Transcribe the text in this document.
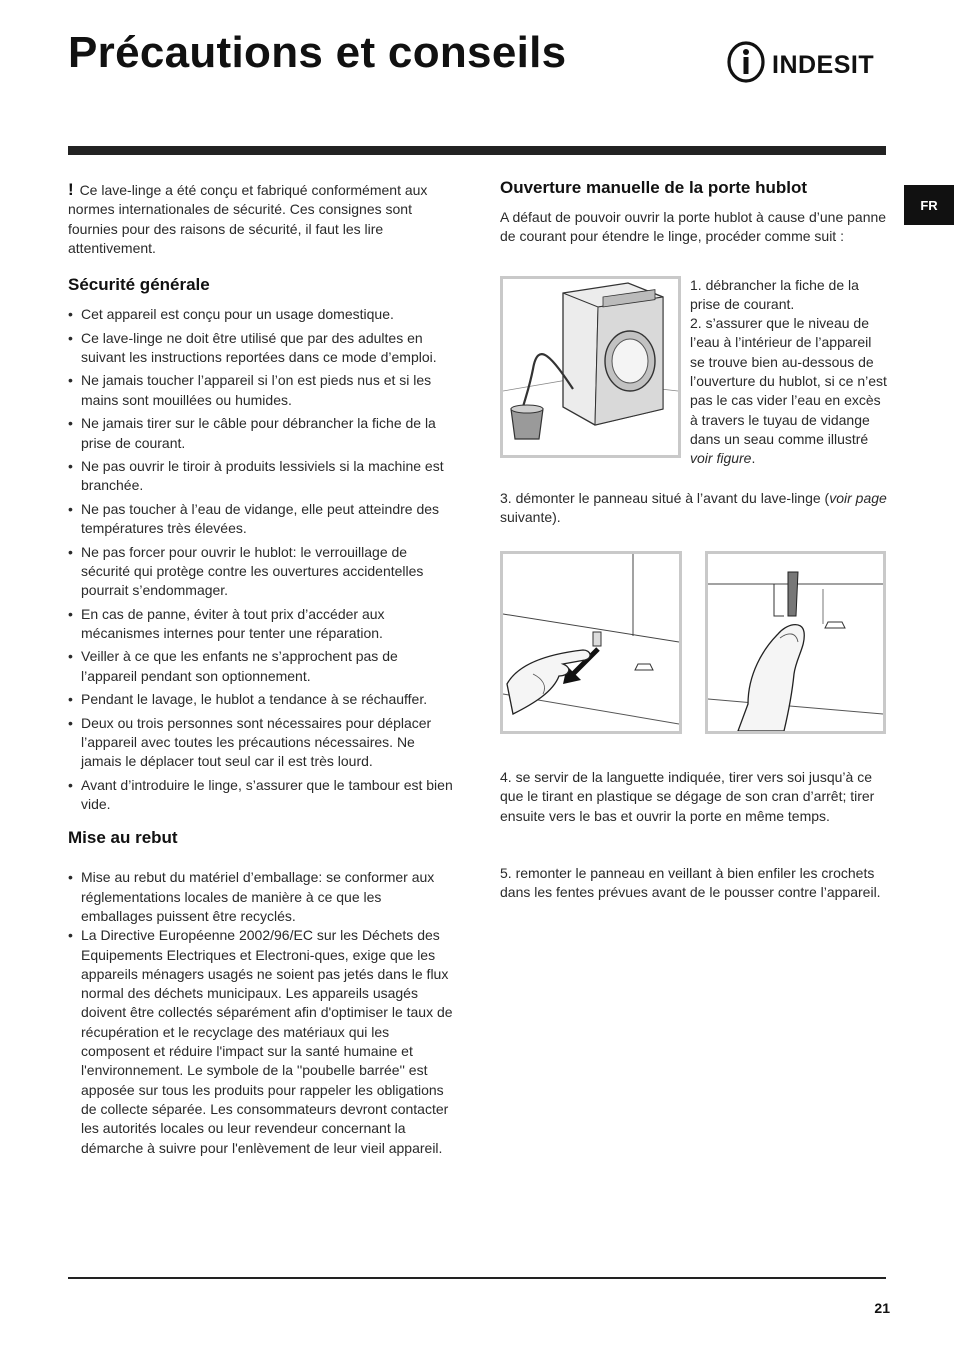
Précautions et conseils	INDESIT
FR

! Ce lave-linge a été conçu et fabriqué conformément aux normes internationales de sécurité. Ces consignes sont fournies pour des raisons de sécurité, il faut les lire attentivement.

Sécurité générale
• Cet appareil est conçu pour un usage domestique.
• Ce lave-linge ne doit être utilisé que par des adultes en suivant les instructions reportées dans ce mode d’emploi.
• Ne jamais toucher l’appareil si l’on est pieds nus et si les mains sont mouillées ou humides.
• Ne jamais tirer sur le câble pour débrancher la fiche de la prise de courant.
• Ne pas ouvrir le tiroir à produits lessiviels si la machine est branchée.
• Ne pas toucher à l’eau de vidange, elle peut atteindre des températures très élevées.
• Ne pas forcer pour ouvrir le hublot: le verrouillage de sécurité qui protège contre les ouvertures accidentelles pourrait s’endommager.
• En cas de panne, éviter à tout prix d’accéder aux mécanismes internes pour tenter une réparation.
• Veiller à ce que les enfants ne s’approchent pas de l’appareil pendant son optionnement.
• Pendant le lavage, le hublot a tendance à se réchauffer.
• Deux ou trois personnes sont nécessaires pour déplacer l’appareil avec toutes les précautions nécessaires. Ne jamais le déplacer tout seul car il est très lourd.
• Avant d’introduire le linge, s’assurer que le tambour est bien vide.
Mise au rebut
• Mise au rebut du matériel d’emballage: se conformer aux réglementations locales de manière à ce que les emballages puissent être recyclés.
• La Directive Européenne 2002/96/EC sur les Déchets des Equipements Electriques et Electroni-ques, exige que les appareils ménagers usagés ne soient pas jetés dans le flux normal des déchets municipaux. Les appareils usagés doivent être collectés séparément afin d'optimiser le taux de récupération et le recyclage des matériaux qui les composent et réduire l'impact sur la santé humaine et l'environnement. Le symbole de la ''poubelle barrée'' est apposée sur tous les produits pour rappeler les obligations de collecte séparée. Les consommateurs devront contacter les autorités locales ou leur revendeur concernant la démarche à suivre pour l'enlèvement de leur vieil appareil.
Ouverture manuelle de la porte hublot

A défaut de pouvoir ouvrir la porte hublot à cause d’une panne de courant pour étendre le linge, procéder comme suit :

1. débrancher la fiche de la prise de courant.

2. s’assurer que le niveau de l’eau à l’intérieur de l’appareil se trouve bien au-dessous de l’ouverture du hublot, si ce n’est pas le cas vider l’eau en excès à travers le tuyau de vidange dans un seau comme illustré voir figure.

3. démonter le panneau situé à l’avant du lave-linge (voir page suivante).

4. se servir de la languette indiquée, tirer vers soi jusqu’à ce que le tirant en plastique se dégage de son cran d’arrêt; tirer ensuite vers le bas et ouvrir la porte en même temps.

5. remonter le panneau en veillant à bien enfiler les crochets dans les fentes prévues avant de le pousser contre l’appareil.

21
